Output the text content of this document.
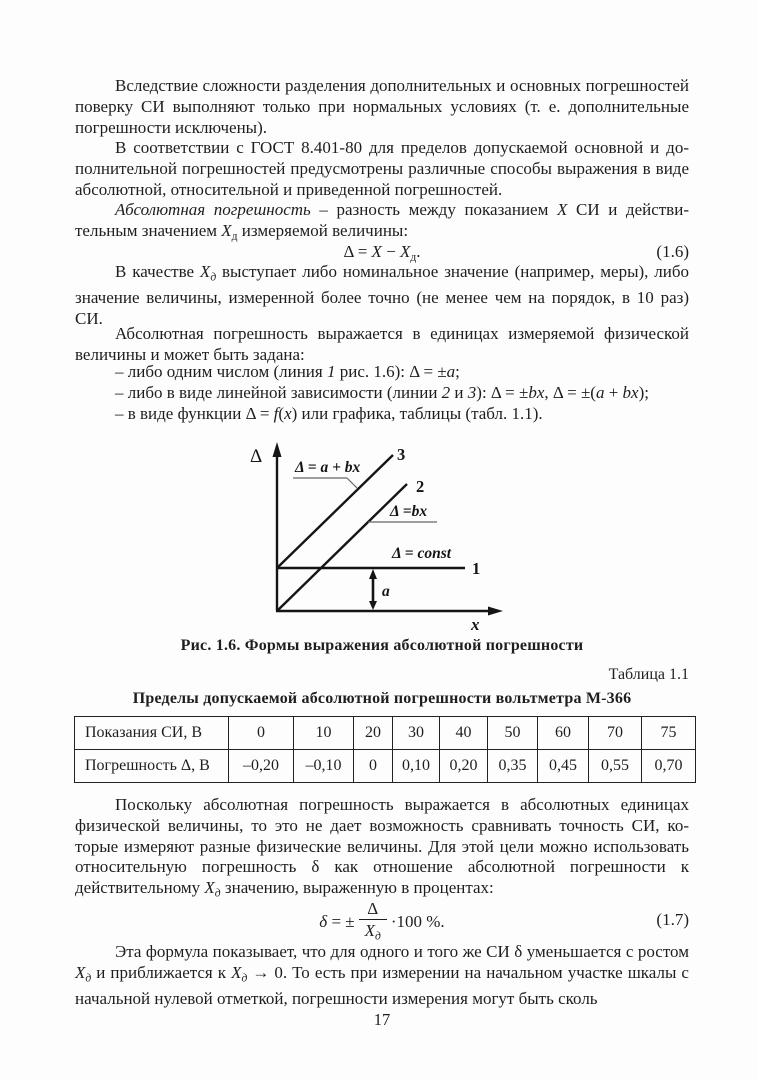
Вследствие сложности разделения дополнительных и основных погрешностей поверку СИ выполняют только при нормальных условиях (т. е. дополнительные погрешности исключены).
В соответствии с ГОСТ 8.401-80 для пределов допускаемой основной и дополнительной погрешностей предусмотрены различные способы выражения в виде абсолютной, относительной и приведенной погрешностей.
Абсолютная погрешность – разность между показанием X СИ и действительным значением $X_д$ измеряемой величины:
$\Delta = X - X_д$.	(1.6)
В качестве $X_д$ выступает либо номинальное значение (например, меры), либо значение величины, измеренной более точно (не менее чем на порядок, в 10 раз) СИ.
Абсолютная погрешность выражается в единицах измеряемой физической величины и может быть задана:
– либо одним числом (линия 1 рис. 1.6): Δ = ±a;
– либо в виде линейной зависимости (линии 2 и 3): Δ = ±bx, Δ = ±(a + bx);
– в виде функции Δ = f(x) или графика, таблицы (табл. 1.1).
Δ
x
Δ = a + bx
Δ =bx
Δ = const
3
2
1
a
Рис. 1.6. Формы выражения абсолютной погрешности
Таблица 1.1
Пределы допускаемой абсолютной погрешности вольтметра М-366
Показания СИ, В	0	10	20	30	40	50	60	70	75
Погрешность Δ, В	–0,20	–0,10	0	0,10	0,20	0,35	0,45	0,55	0,70
Поскольку абсолютная погрешность выражается в абсолютных единицах физической величины, то это не дает возможность сравнивать точность СИ, которые измеряют разные физические величины. Для этой цели можно использовать относительную погрешность δ как отношение абсолютной погрешности к действительному $X_д$ значению, выраженную в процентах:
δ = ± $\frac{\Delta}{X_д} \cdot 100$ %.	(1.7)
Эта формула показывает, что для одного и того же СИ δ уменьшается с ростом $X_д$ и приближается к $X_д \to 0$. То есть при измерении на начальном участке шкалы с начальной нулевой отметкой, погрешности измерения могут быть сколь
17
